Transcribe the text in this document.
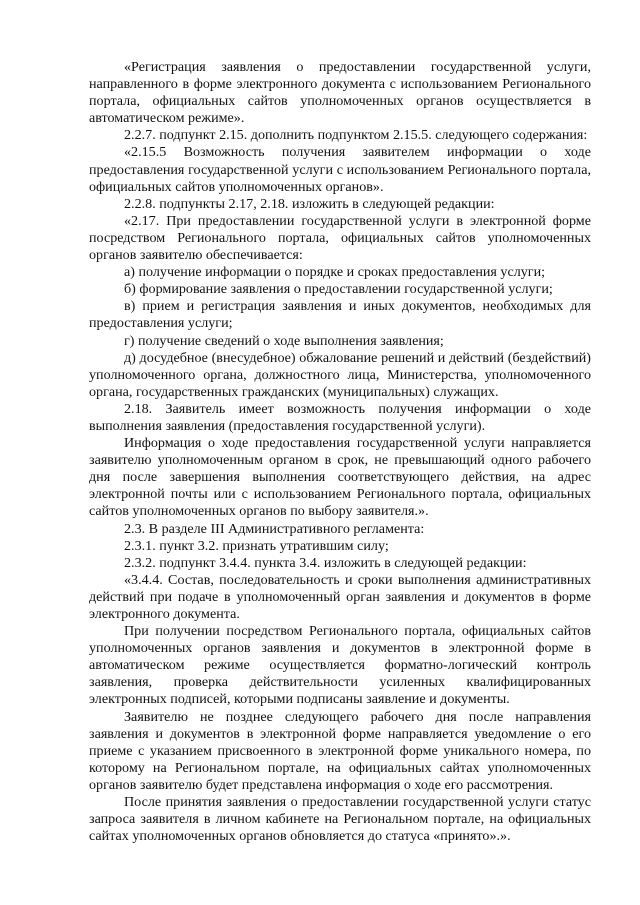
«Регистрация заявления о предоставлении государственной услуги, направленного в форме электронного документа с использованием Регионального портала, официальных сайтов уполномоченных органов осуществляется в автоматическом режиме».

2.2.7. подпункт 2.15. дополнить подпунктом 2.15.5. следующего содержания:

«2.15.5 Возможность получения заявителем информации о ходе предоставления государственной услуги с использованием Регионального портала, официальных сайтов уполномоченных органов».

2.2.8. подпункты 2.17, 2.18. изложить в следующей редакции:

«2.17. При предоставлении государственной услуги в электронной форме посредством Регионального портала, официальных сайтов уполномоченных органов заявителю обеспечивается:

а) получение информации о порядке и сроках предоставления услуги;

б) формирование заявления о предоставлении государственной услуги;

в) прием и регистрация заявления и иных документов, необходимых для предоставления услуги;

г) получение сведений о ходе выполнения заявления;

д) досудебное (внесудебное) обжалование решений и действий (бездействий) уполномоченного органа, должностного лица, Министерства, уполномоченного органа, государственных гражданских (муниципальных) служащих.

2.18. Заявитель имеет возможность получения информации о ходе выполнения заявления (предоставления государственной услуги).

Информация о ходе предоставления государственной услуги направляется заявителю уполномоченным органом в срок, не превышающий одного рабочего дня после завершения выполнения соответствующего действия, на адрес электронной почты или с использованием Регионального портала, официальных сайтов уполномоченных органов по выбору заявителя.».

2.3. В разделе III Административного регламента:

2.3.1. пункт 3.2. признать утратившим силу;

2.3.2. подпункт 3.4.4. пункта 3.4. изложить в следующей редакции:

«3.4.4. Состав, последовательность и сроки выполнения административных действий при подаче в уполномоченный орган заявления и документов в форме электронного документа.

При получении посредством Регионального портала, официальных сайтов уполномоченных органов заявления и документов в электронной форме в автоматическом режиме осуществляется форматно-логический контроль заявления, проверка действительности усиленных квалифицированных электронных подписей, которыми подписаны заявление и документы.

Заявителю не позднее следующего рабочего дня после направления заявления и документов в электронной форме направляется уведомление о его приеме с указанием присвоенного в электронной форме уникального номера, по которому на Региональном портале, на официальных сайтах уполномоченных органов заявителю будет представлена информация о ходе его рассмотрения.

После принятия заявления о предоставлении государственной услуги статус запроса заявителя в личном кабинете на Региональном портале, на официальных сайтах уполномоченных органов обновляется до статуса «принято».».
